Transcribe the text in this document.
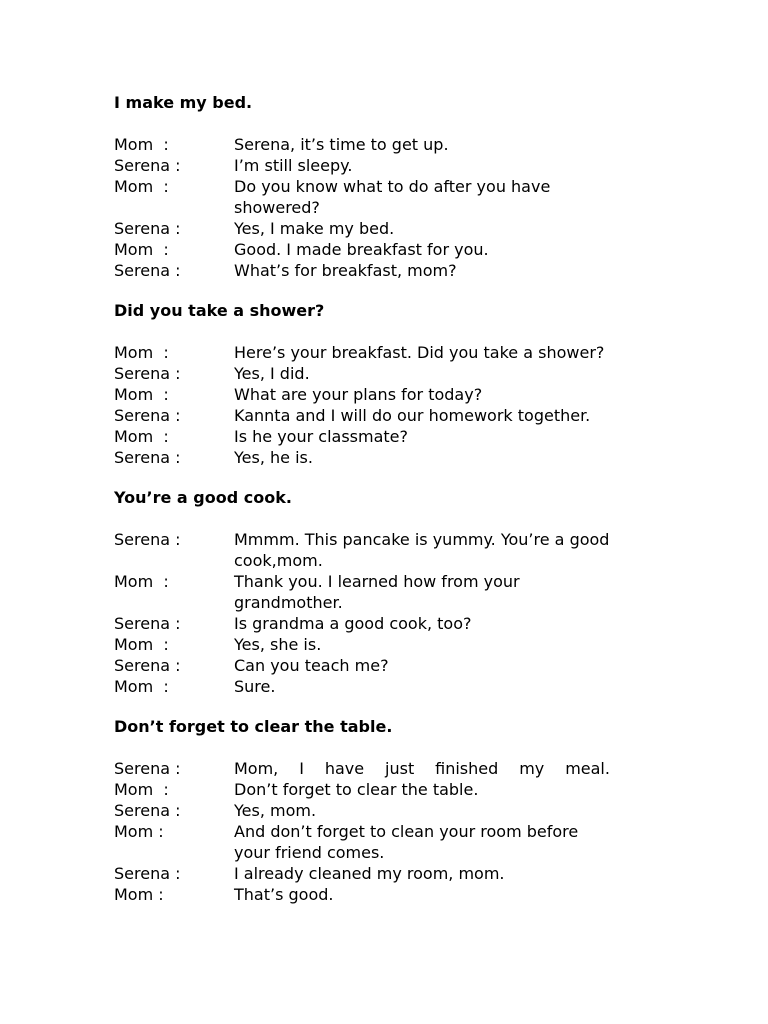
I make my bed.
Mom  :	Serena, it’s time to get up.
Serena :	I’m still sleepy.
Mom  :	Do you know what to do after you have
showered?
Serena :	Yes, I make my bed.
Mom  :	Good. I made breakfast for you.
Serena :	What’s for breakfast, mom?
Did you take a shower?
Mom  :	Here’s your breakfast. Did you take a shower?
Serena :	Yes, I did.
Mom  :	What are your plans for today?
Serena :	Kannta and I will do our homework together.
Mom  :	Is he your classmate?
Serena :	Yes, he is.
You’re a good cook.
Serena :	Mmmm. This pancake is yummy. You’re a good
cook,mom.
Mom  :	Thank you. I learned how from your
grandmother.
Serena :	Is grandma a good cook, too?
Mom  :	Yes, she is.
Serena :	Can you teach me?
Mom  :	Sure.
Don’t forget to clear the table.
Serena :	Mom, I have just finished my meal.
Mom  :	Don’t forget to clear the table.
Serena :	Yes, mom.
Mom :	And don’t forget to clean your room before
your friend comes.
Serena :	I already cleaned my room, mom.
Mom :	That’s good.
